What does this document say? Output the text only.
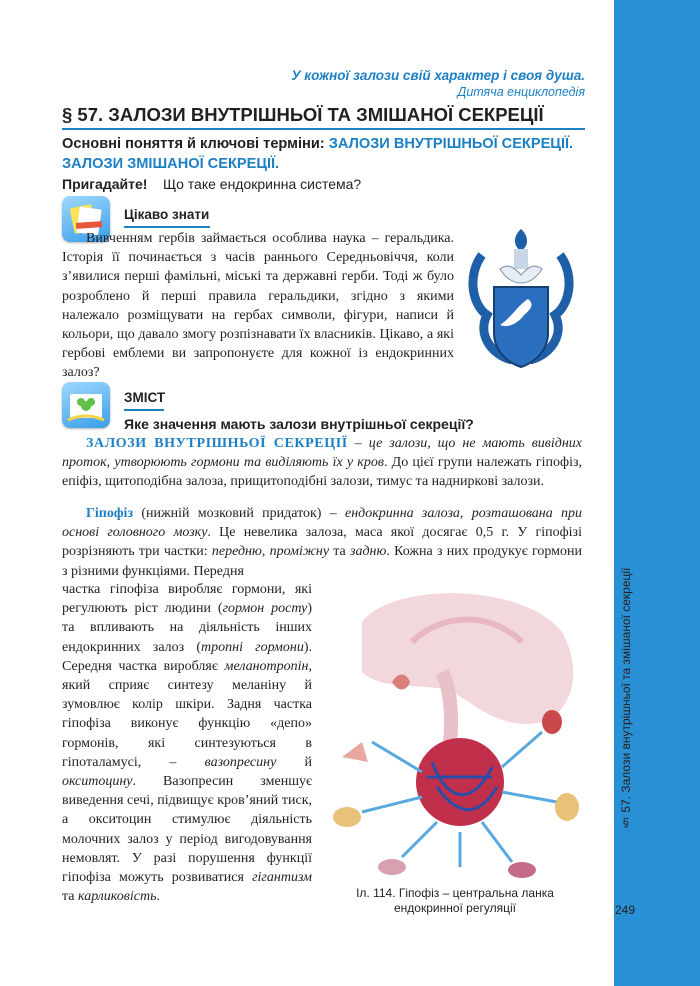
§ 57. Залози внутрішньої та змішаної секреції
249
У кожної залози свій характер і своя душа.
Дитяча енциклопедія
§ 57. ЗАЛОЗИ ВНУТРІШНЬОЇ ТА ЗМІШАНОЇ СЕКРЕЦІЇ
Основні поняття й ключові терміни: ЗАЛОЗИ ВНУТРІШНЬОЇ СЕКРЕЦІЇ.
ЗАЛОЗИ ЗМІШАНОЇ СЕКРЕЦІЇ.
Пригадайте! Що таке ендокринна система?
Цікаво знати
Вивченням гербів займається особлива наука – геральдика. Історія її починається з часів раннього Середньовіччя, коли з’явилися перші фамільні, міські та державні герби. Тоді ж було розроблено й перші правила геральдики, згідно з якими належало розміщувати на гербах символи, фігури, написи й кольори, що давало змогу розпізнавати їх власників. Цікаво, а які гербові емблеми ви запропонуєте для кожної із ендокринних залоз?
ЗМІСТ
Яке значення мають залози внутрішньої секреції?
ЗАЛОЗИ ВНУТРІШНЬОЇ СЕКРЕЦІЇ – це залози, що не мають вивідних проток, утворюють гормони та виділяють їх у кров. До цієї групи належать гіпофіз, епіфіз, щитоподібна залоза, прищитоподібні залози, тимус та надниркові залози.
Гіпофіз (нижній мозковий придаток) – ендокринна залоза, розташована при основі головного мозку. Це невелика залоза, маса якої досягає 0,5 г. У гіпофізі розрізняють три частки: передню, проміжну та задню. Кожна з них продукує гормони з різними функціями. Передня
частка гіпофіза виробляє гормони, які регулюють ріст людини (гормон росту) та впливають на діяльність інших ендокринних залоз (тропні гормони). Середня частка виробляє меланотропін, який сприяє синтезу меланіну й зумовлює колір шкіри. Задня частка гіпофіза виконує функцію «депо» гормонів, які синтезуються в гіпоталамусі, – вазопресину й окситоцину. Вазопресин зменшує виведення сечі, підвищує кров’яний тиск, а окситоцин стимулює діяльність молочних залоз у період вигодовування немовлят. У разі порушення функції гіпофіза можуть розвиватися гігантизм та карликовість.	Іл. 114. Гіпофіз – центральна ланка
ендокринної регуляції
